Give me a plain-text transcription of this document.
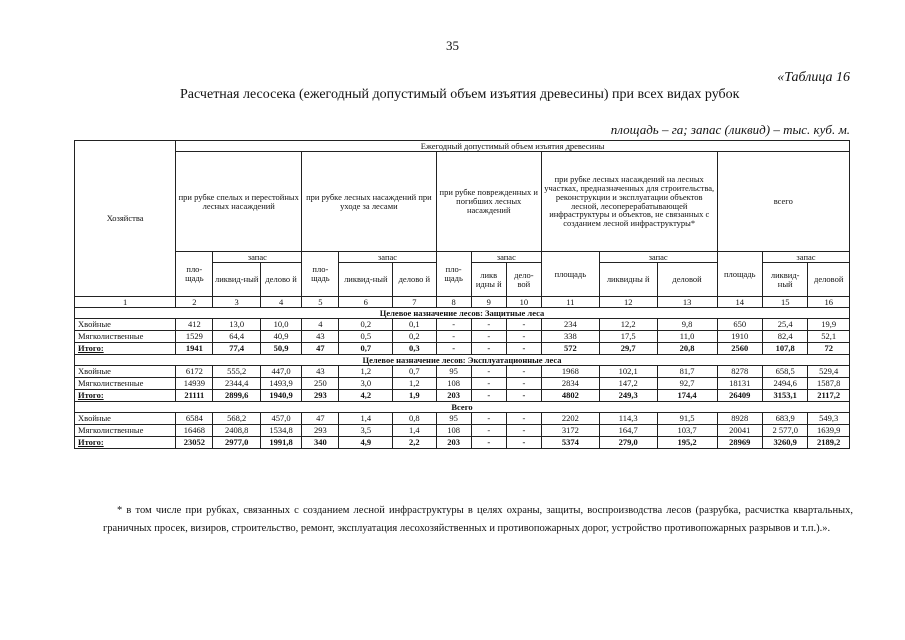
35
«Таблица 16
Расчетная лесосека (ежегодный допустимый объем изъятия древесины) при всех видах рубок
площадь – га; запас (ликвид) – тыс. куб. м.
Хозяйства	Ежегодный допустимый объем изъятия древесины														
	при рубке спелых и перестойных лесных насаждений			при рубке лесных насаждений при уходе за лесами			при рубке поврежденных и погибших лесных насаждений			при рубке лесных насаждений на лесных участках, предназначенных для строительства, реконструкции и эксплуатации объектов лесной, лесоперерабатывающей инфраструктуры и объектов, не связанных с созданием лесной инфраструктуры*			всего		
	пло-щадь	запас		пло-щадь	запас		пло-щадь	запас		площадь	запас		площадь	запас	
		ликвид-ный	делово й		ликвид-ный	делово й		ликв идны й	дело-вой		ликвидны й	деловой		ликвид-ный	деловой
1	2	3	4	5	6	7	8	9	10	11	12	13	14	15	16
Целевое назначение лесов: Защитные леса															
Хвойные	412	13,0	10,0	4	0,2	0,1	-	-	-	234	12,2	9,8	650	25,4	19,9
Мягколиственные	1529	64,4	40,9	43	0,5	0,2	-	-	-	338	17,5	11,0	1910	82,4	52,1
Итого:	1941	77,4	50,9	47	0,7	0,3	-	-	-	572	29,7	20,8	2560	107,8	72
Целевое назначение лесов: Эксплуатационные леса															
Хвойные	6172	555,2	447,0	43	1,2	0,7	95	-	-	1968	102,1	81,7	8278	658,5	529,4
Мягколиственные	14939	2344,4	1493,9	250	3,0	1,2	108	-	-	2834	147,2	92,7	18131	2494,6	1587,8
Итого:	21111	2899,6	1940,9	293	4,2	1,9	203	-	-	4802	249,3	174,4	26409	3153,1	2117,2
Всего															
Хвойные	6584	568,2	457,0	47	1,4	0,8	95	-	-	2202	114,3	91,5	8928	683,9	549,3
Мягколиственные	16468	2408,8	1534,8	293	3,5	1,4	108	-	-	3172	164,7	103,7	20041	2 577,0	1639,9
Итого:	23052	2977,0	1991,8	340	4,9	2,2	203	-	-	5374	279,0	195,2	28969	3260,9	2189,2

* в том числе при рубках, связанных с созданием лесной инфраструктуры в целях охраны, защиты, воспроизводства лесов (разрубка, расчистка квартальных, граничных просек, визиров, строительство, ремонт, эксплуатация лесохозяйственных и противопожарных дорог, устройство противопожарных разрывов и т.п.).».
